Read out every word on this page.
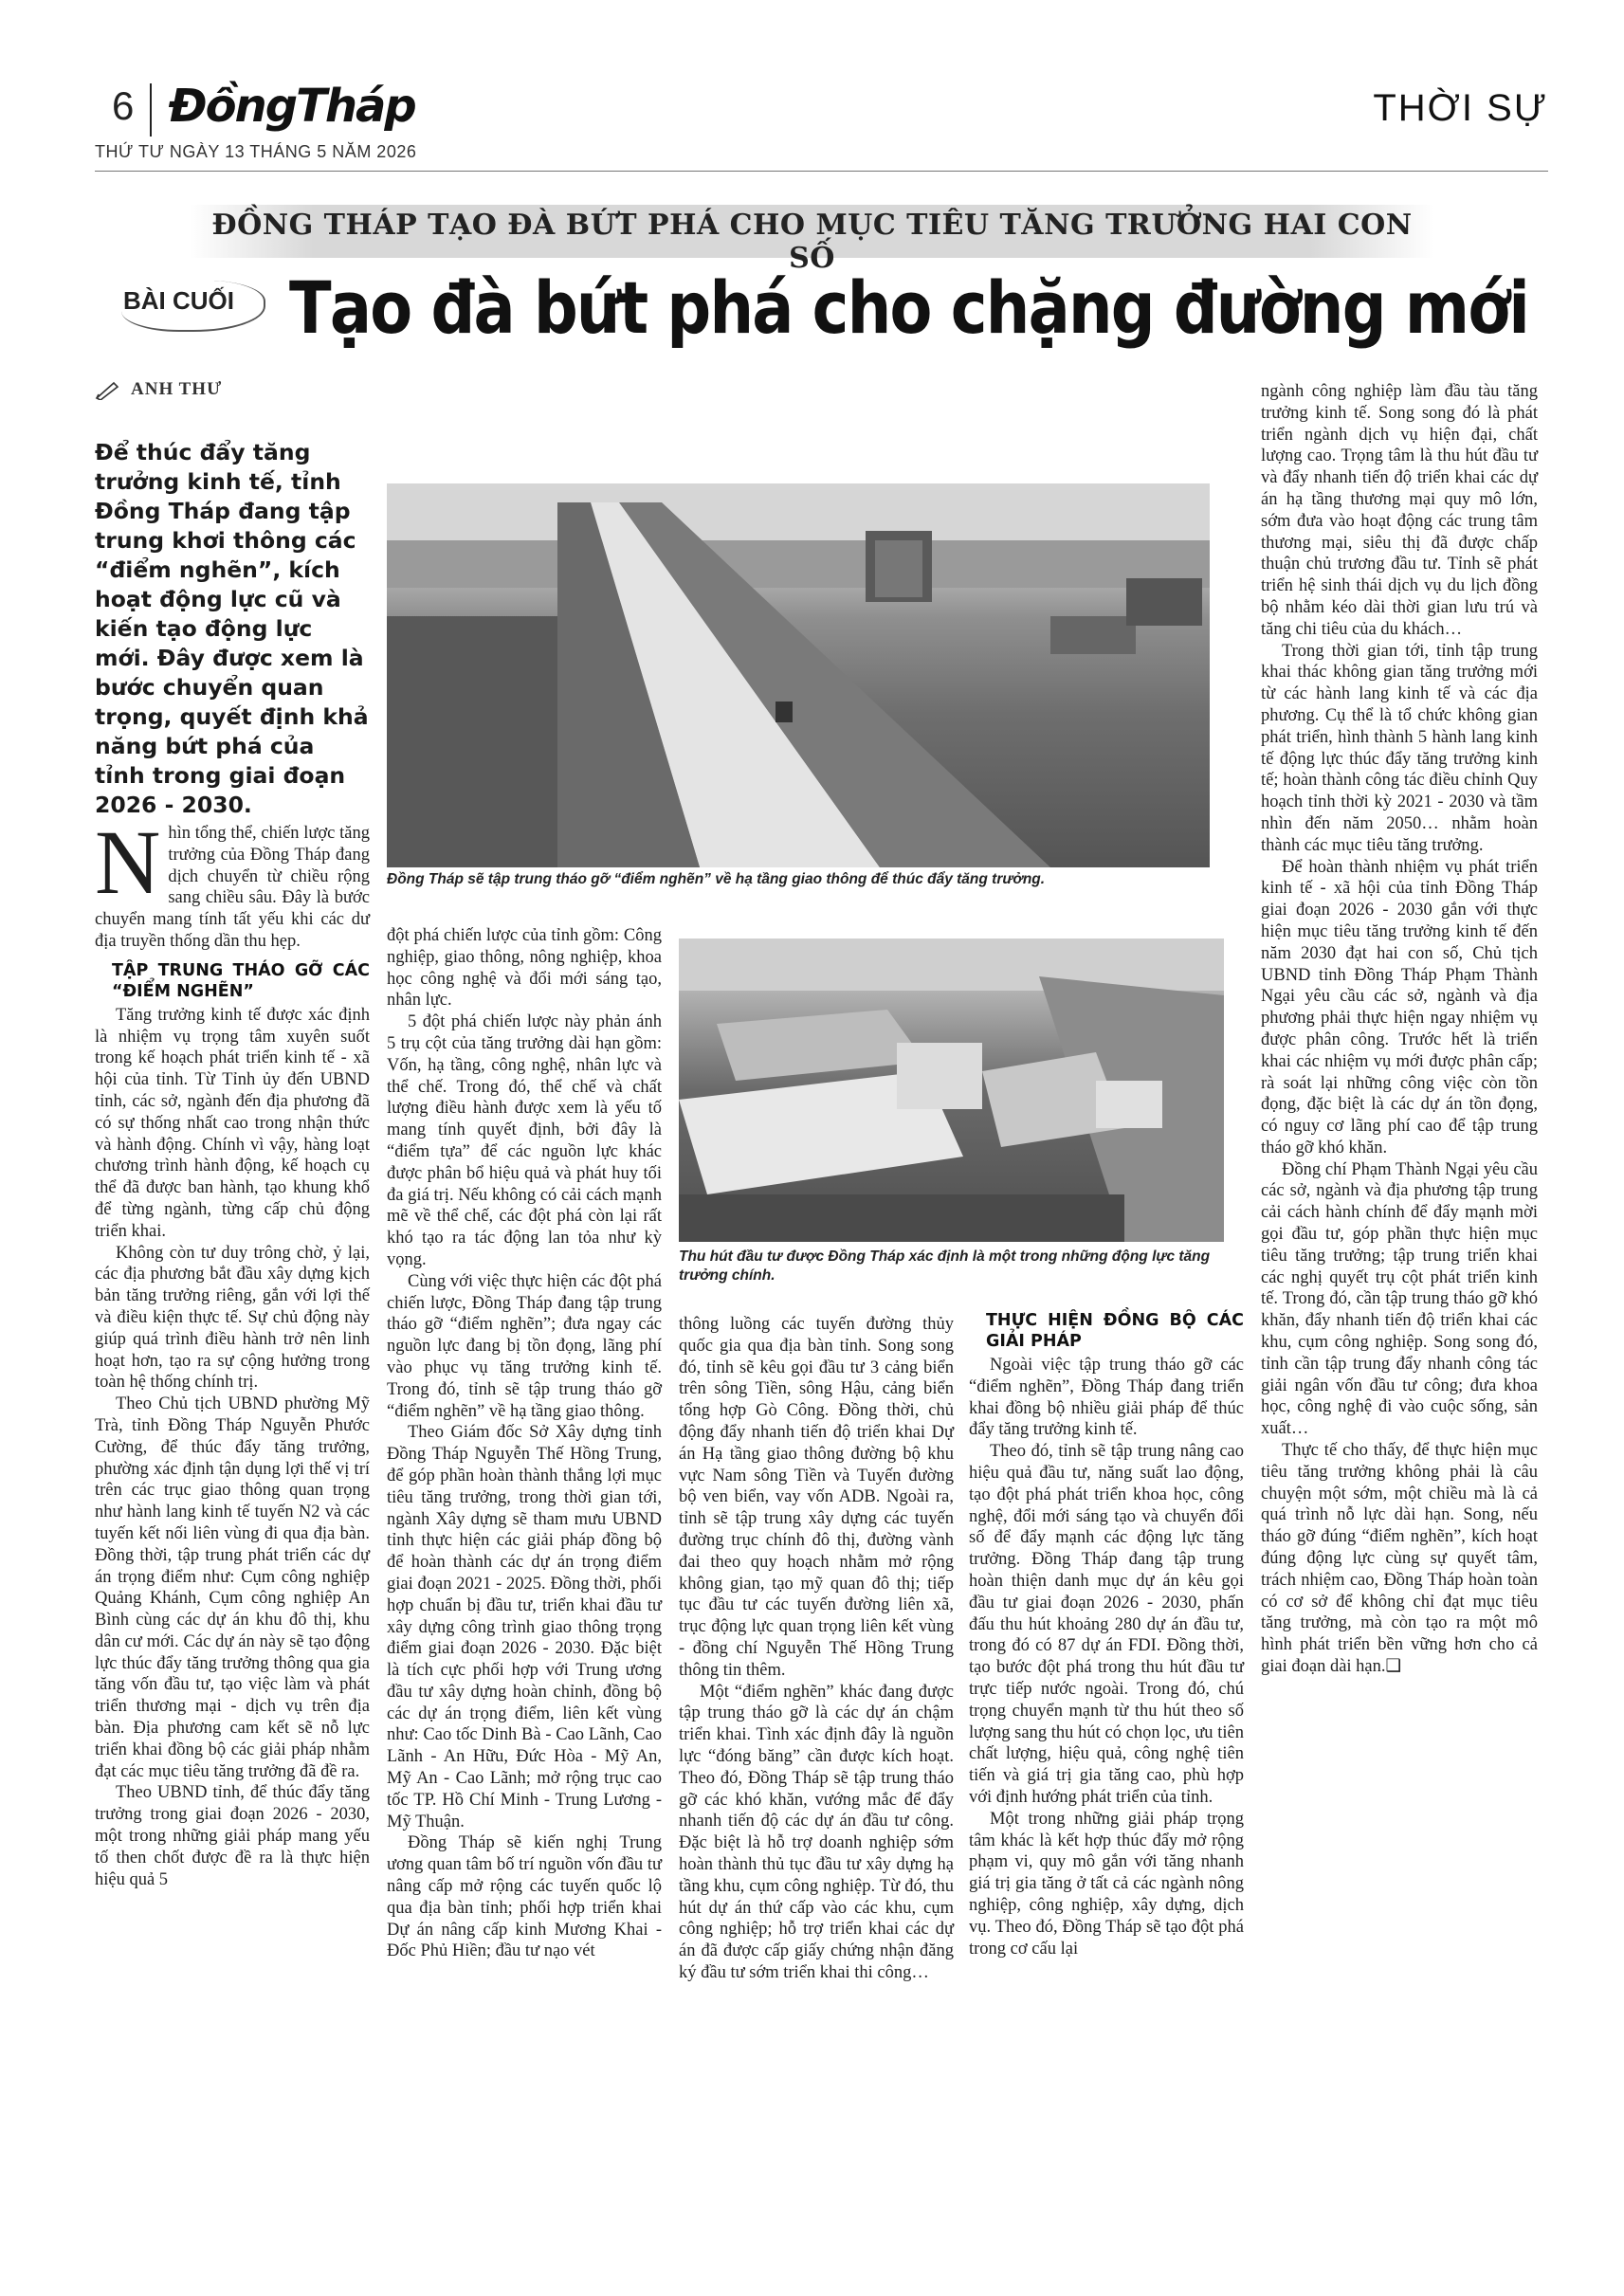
6 ĐồngTháp	THỜI SỰ
THỨ TƯ NGÀY 13 THÁNG 5 NĂM 2026
ĐỒNG THÁP TẠO ĐÀ BỨT PHÁ CHO MỤC TIÊU TĂNG TRƯỞNG HAI CON SỐ
BÀI CUỐI Tạo đà bứt phá cho chặng đường mới
ANH THƯ
Để thúc đẩy tăng trưởng kinh tế, tỉnh Đồng Tháp đang tập trung khơi thông các “điểm nghẽn”, kích hoạt động lực cũ và kiến tạo động lực mới. Đây được xem là bước chuyển quan trọng, quyết định khả năng bứt phá của tỉnh trong giai đoạn 2026 - 2030.
Đồng Tháp sẽ tập trung tháo gỡ “điểm nghẽn” về hạ tầng giao thông để thúc đẩy tăng trưởng.
Thu hút đầu tư được Đồng Tháp xác định là một trong những động lực tăng trưởng chính.
N hìn tổng thể, chiến lược tăng trưởng của Đồng Tháp đang dịch chuyển từ chiều rộng sang chiều sâu. Đây là bước chuyển mang tính tất yếu khi các dư địa truyền thống dần thu hẹp.

TẬP TRUNG THÁO GỠ CÁC “ĐIỂM NGHẼN”

Tăng trưởng kinh tế được xác định là nhiệm vụ trọng tâm xuyên suốt trong kế hoạch phát triển kinh tế - xã hội của tỉnh. Từ Tỉnh ủy đến UBND tỉnh, các sở, ngành đến địa phương đã có sự thống nhất cao trong nhận thức và hành động. Chính vì vậy, hàng loạt chương trình hành động, kế hoạch cụ thể đã được ban hành, tạo khung khổ để từng ngành, từng cấp chủ động triển khai.

Không còn tư duy trông chờ, ỷ lại, các địa phương bắt đầu xây dựng kịch bản tăng trưởng riêng, gắn với lợi thế và điều kiện thực tế. Sự chủ động này giúp quá trình điều hành trở nên linh hoạt hơn, tạo ra sự cộng hưởng trong toàn hệ thống chính trị.

Theo Chủ tịch UBND phường Mỹ Trà, tỉnh Đồng Tháp Nguyễn Phước Cường, để thúc đẩy tăng trưởng, phường xác định tận dụng lợi thế vị trí trên các trục giao thông quan trọng như hành lang kinh tế tuyến N2 và các tuyến kết nối liên vùng đi qua địa bàn. Đồng thời, tập trung phát triển các dự án trọng điểm như: Cụm công nghiệp Quảng Khánh, Cụm công nghiệp An Bình cùng các dự án khu đô thị, khu dân cư mới. Các dự án này sẽ tạo động lực thúc đẩy tăng trưởng thông qua gia tăng vốn đầu tư, tạo việc làm và phát triển thương mại - dịch vụ trên địa bàn. Địa phương cam kết sẽ nỗ lực triển khai đồng bộ các giải pháp nhằm đạt các mục tiêu tăng trưởng đã đề ra.

Theo UBND tỉnh, để thúc đẩy tăng trưởng trong giai đoạn 2026 - 2030, một trong những giải pháp mang yếu tố then chốt được đề ra là thực hiện hiệu quả 5

đột phá chiến lược của tỉnh gồm: Công nghiệp, giao thông, nông nghiệp, khoa học công nghệ và đổi mới sáng tạo, nhân lực.

5 đột phá chiến lược này phản ánh 5 trụ cột của tăng trưởng dài hạn gồm: Vốn, hạ tầng, công nghệ, nhân lực và thể chế. Trong đó, thể chế và chất lượng điều hành được xem là yếu tố mang tính quyết định, bởi đây là “điểm tựa” để các nguồn lực khác được phân bổ hiệu quả và phát huy tối đa giá trị. Nếu không có cải cách mạnh mẽ về thể chế, các đột phá còn lại rất khó tạo ra tác động lan tỏa như kỳ vọng.

Cùng với việc thực hiện các đột phá chiến lược, Đồng Tháp đang tập trung tháo gỡ “điểm nghẽn”; đưa ngay các nguồn lực đang bị tồn đọng, lãng phí vào phục vụ tăng trưởng kinh tế. Trong đó, tỉnh sẽ tập trung tháo gỡ “điểm nghẽn” về hạ tầng giao thông.

Theo Giám đốc Sở Xây dựng tỉnh Đồng Tháp Nguyễn Thế Hồng Trung, để góp phần hoàn thành thắng lợi mục tiêu tăng trưởng, trong thời gian tới, ngành Xây dựng sẽ tham mưu UBND tỉnh thực hiện các giải pháp đồng bộ để hoàn thành các dự án trọng điểm giai đoạn 2021 - 2025. Đồng thời, phối hợp chuẩn bị đầu tư, triển khai đầu tư xây dựng công trình giao thông trọng điểm giai đoạn 2026 - 2030. Đặc biệt là tích cực phối hợp với Trung ương đầu tư xây dựng hoàn chỉnh, đồng bộ các dự án trọng điểm, liên kết vùng như: Cao tốc Dinh Bà - Cao Lãnh, Cao Lãnh - An Hữu, Đức Hòa - Mỹ An, Mỹ An - Cao Lãnh; mở rộng trục cao tốc TP. Hồ Chí Minh - Trung Lương - Mỹ Thuận.

Đồng Tháp sẽ kiến nghị Trung ương quan tâm bố trí nguồn vốn đầu tư nâng cấp mở rộng các tuyến quốc lộ qua địa bàn tỉnh; phối hợp triển khai Dự án nâng cấp kinh Mương Khai - Đốc Phủ Hiền; đầu tư nạo vét

thông luồng các tuyến đường thủy quốc gia qua địa bàn tỉnh. Song song đó, tỉnh sẽ kêu gọi đầu tư 3 cảng biển trên sông Tiền, sông Hậu, cảng biển tổng hợp Gò Công. Đồng thời, chủ động đẩy nhanh tiến độ triển khai Dự án Hạ tầng giao thông đường bộ khu vực Nam sông Tiền và Tuyến đường bộ ven biển, vay vốn ADB. Ngoài ra, tỉnh sẽ tập trung xây dựng các tuyến đường trục chính đô thị, đường vành đai theo quy hoạch nhằm mở rộng không gian, tạo mỹ quan đô thị; tiếp tục đầu tư các tuyến đường liên xã, trục động lực quan trọng liên kết vùng - đồng chí Nguyễn Thế Hồng Trung thông tin thêm.

Một “điểm nghẽn” khác đang được tập trung tháo gỡ là các dự án chậm triển khai. Tình xác định đây là nguồn lực “đóng băng” cần được kích hoạt. Theo đó, Đồng Tháp sẽ tập trung tháo gỡ các khó khăn, vướng mắc để đẩy nhanh tiến độ các dự án đầu tư công. Đặc biệt là hỗ trợ doanh nghiệp sớm hoàn thành thủ tục đầu tư xây dựng hạ tầng khu, cụm công nghiệp. Từ đó, thu hút dự án thứ cấp vào các khu, cụm công nghiệp; hỗ trợ triển khai các dự án đã được cấp giấy chứng nhận đăng ký đầu tư sớm triển khai thi công…

THỰC HIỆN ĐỒNG BỘ CÁC GIẢI PHÁP

Ngoài việc tập trung tháo gỡ các “điểm nghẽn”, Đồng Tháp đang triển khai đồng bộ nhiều giải pháp để thúc đẩy tăng trưởng kinh tế.

Theo đó, tỉnh sẽ tập trung nâng cao hiệu quả đầu tư, năng suất lao động, tạo đột phá phát triển khoa học, công nghệ, đổi mới sáng tạo và chuyển đổi số để đẩy mạnh các động lực tăng trưởng. Đồng Tháp đang tập trung hoàn thiện danh mục dự án kêu gọi đầu tư giai đoạn 2026 - 2030, phấn đấu thu hút khoảng 280 dự án đầu tư, trong đó có 87 dự án FDI. Đồng thời, tạo bước đột phá trong thu hút đầu tư trực tiếp nước ngoài. Trong đó, chú trọng chuyển mạnh từ thu hút theo số lượng sang thu hút có chọn lọc, ưu tiên chất lượng, hiệu quả, công nghệ tiên tiến và giá trị gia tăng cao, phù hợp với định hướng phát triển của tỉnh.

Một trong những giải pháp trọng tâm khác là kết hợp thúc đẩy mở rộng phạm vi, quy mô gắn với tăng nhanh giá trị gia tăng ở tất cả các ngành nông nghiệp, công nghiệp, xây dựng, dịch vụ. Theo đó, Đồng Tháp sẽ tạo đột phá trong cơ cấu lại

ngành công nghiệp làm đầu tàu tăng trưởng kinh tế. Song song đó là phát triển ngành dịch vụ hiện đại, chất lượng cao. Trọng tâm là thu hút đầu tư và đẩy nhanh tiến độ triển khai các dự án hạ tầng thương mại quy mô lớn, sớm đưa vào hoạt động các trung tâm thương mại, siêu thị đã được chấp thuận chủ trương đầu tư. Tỉnh sẽ phát triển hệ sinh thái dịch vụ du lịch đồng bộ nhằm kéo dài thời gian lưu trú và tăng chi tiêu của du khách…

Trong thời gian tới, tỉnh tập trung khai thác không gian tăng trưởng mới từ các hành lang kinh tế và các địa phương. Cụ thể là tổ chức không gian phát triển, hình thành 5 hành lang kinh tế động lực thúc đẩy tăng trưởng kinh tế; hoàn thành công tác điều chỉnh Quy hoạch tỉnh thời kỳ 2021 - 2030 và tầm nhìn đến năm 2050… nhằm hoàn thành các mục tiêu tăng trưởng.

Để hoàn thành nhiệm vụ phát triển kinh tế - xã hội của tỉnh Đồng Tháp giai đoạn 2026 - 2030 gắn với thực hiện mục tiêu tăng trưởng kinh tế đến năm 2030 đạt hai con số, Chủ tịch UBND tỉnh Đồng Tháp Phạm Thành Ngại yêu cầu các sở, ngành và địa phương phải thực hiện ngay nhiệm vụ được phân công. Trước hết là triển khai các nhiệm vụ mới được phân cấp; rà soát lại những công việc còn tồn đọng, đặc biệt là các dự án tồn đọng, có nguy cơ lãng phí cao để tập trung tháo gỡ khó khăn.

Đồng chí Phạm Thành Ngại yêu cầu các sở, ngành và địa phương tập trung cải cách hành chính để đẩy mạnh mời gọi đầu tư, góp phần thực hiện mục tiêu tăng trưởng; tập trung triển khai các nghị quyết trụ cột phát triển kinh tế. Trong đó, cần tập trung tháo gỡ khó khăn, đẩy nhanh tiến độ triển khai các khu, cụm công nghiệp. Song song đó, tỉnh cần tập trung đẩy nhanh công tác giải ngân vốn đầu tư công; đưa khoa học, công nghệ đi vào cuộc sống, sản xuất…

Thực tế cho thấy, để thực hiện mục tiêu tăng trưởng không phải là câu chuyện một sớm, một chiều mà là cả quá trình nỗ lực dài hạn. Song, nếu tháo gỡ đúng “điểm nghẽn”, kích hoạt đúng động lực cùng sự quyết tâm, trách nhiệm cao, Đồng Tháp hoàn toàn có cơ sở để không chỉ đạt mục tiêu tăng trưởng, mà còn tạo ra một mô hình phát triển bền vững hơn cho cả giai đoạn dài hạn.❑
